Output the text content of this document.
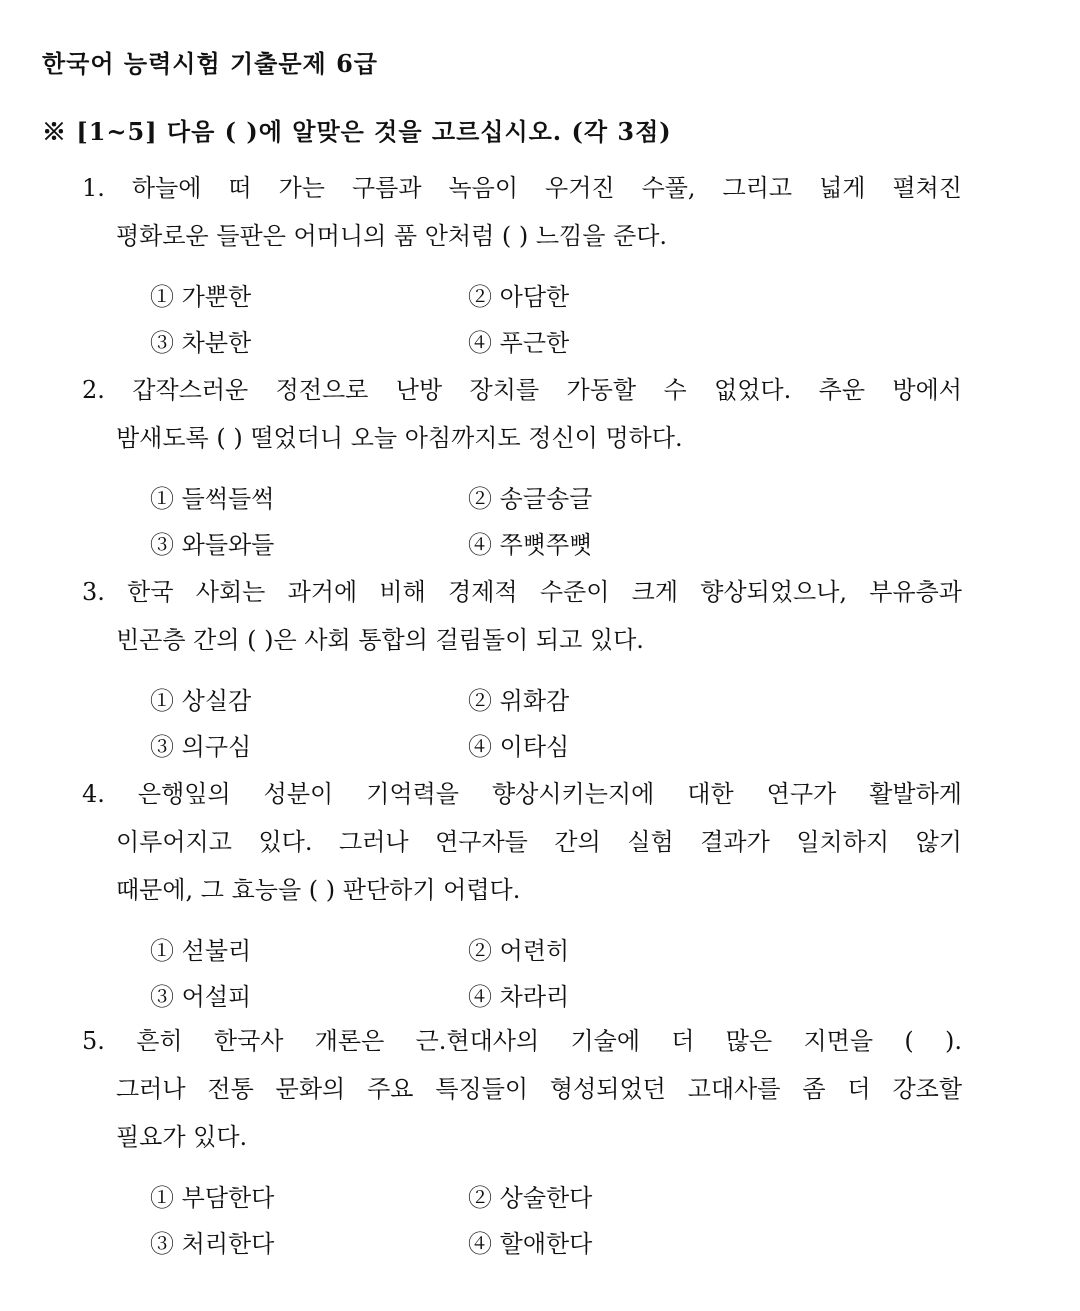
한국어 능력시험 기출문제 6급
※ [1~5] 다음 ( )에 알맞은 것을 고르십시오. (각 3점)
1. 하늘에 떠 가는 구름과 녹음이 우거진 수풀, 그리고 넓게 펼쳐진
평화로운 들판은 어머니의 품 안처럼 ( ) 느낌을 준다.
① 가뿐한	② 아담한
③ 차분한	④ 푸근한
2. 갑작스러운 정전으로 난방 장치를 가동할 수 없었다. 추운 방에서
밤새도록 ( ) 떨었더니 오늘 아침까지도 정신이 멍하다.
① 들썩들썩	② 송글송글
③ 와들와들	④ 쭈뼛쭈뼛
3. 한국 사회는 과거에 비해 경제적 수준이 크게 향상되었으나, 부유층과
빈곤층 간의 ( )은 사회 통합의 걸림돌이 되고 있다.
① 상실감	② 위화감
③ 의구심	④ 이타심
4. 은행잎의 성분이 기억력을 향상시키는지에 대한 연구가 활발하게
이루어지고 있다. 그러나 연구자들 간의 실험 결과가 일치하지 않기
때문에, 그 효능을 ( ) 판단하기 어렵다.
① 섣불리	② 어련히
③ 어설피	④ 차라리
5. 흔히 한국사 개론은 근.현대사의 기술에 더 많은 지면을 ( ).
그러나 전통 문화의 주요 특징들이 형성되었던 고대사를 좀 더 강조할
필요가 있다.
① 부담한다	② 상술한다
③ 처리한다	④ 할애한다
